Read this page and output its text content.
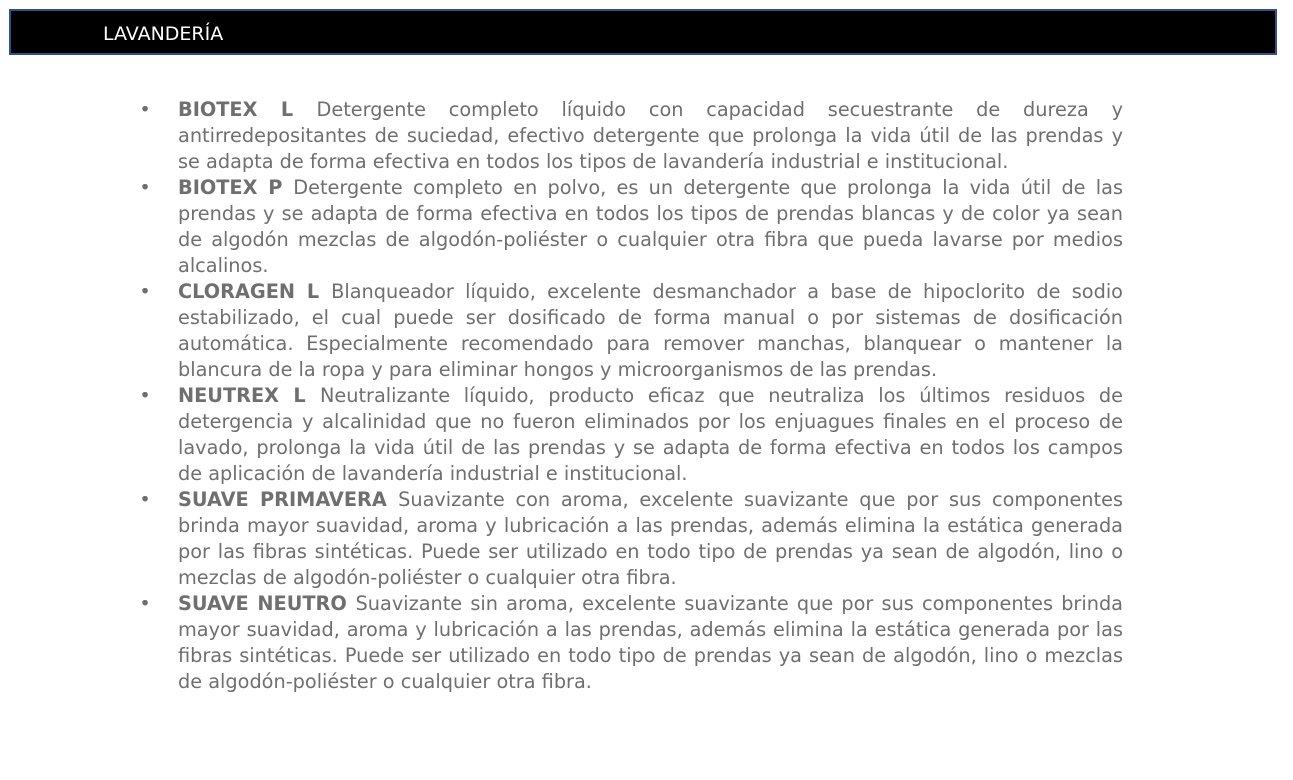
LAVANDERÍA
• BIOTEX L Detergente completo líquido con capacidad secuestrante de dureza y antirredepositantes de suciedad, efectivo detergente que prolonga la vida útil de las prendas y se adapta de forma efectiva en todos los tipos de lavandería industrial e institucional.
• BIOTEX P Detergente completo en polvo, es un detergente que prolonga la vida útil de las prendas y se adapta de forma efectiva en todos los tipos de prendas blancas y de color ya sean de algodón mezclas de algodón-poliéster o cualquier otra fibra que pueda lavarse por medios alcalinos.
• CLORAGEN L Blanqueador líquido, excelente desmanchador a base de hipoclorito de sodio estabilizado, el cual puede ser dosificado de forma manual o por sistemas de dosificación automática. Especialmente recomendado para remover manchas, blanquear o mantener la blancura de la ropa y para eliminar hongos y microorganismos de las prendas.
• NEUTREX L Neutralizante líquido, producto eficaz que neutraliza los últimos residuos de detergencia y alcalinidad que no fueron eliminados por los enjuagues finales en el proceso de lavado, prolonga la vida útil de las prendas y se adapta de forma efectiva en todos los campos de aplicación de lavandería industrial e institucional.
• SUAVE PRIMAVERA Suavizante con aroma, excelente suavizante que por sus componentes brinda mayor suavidad, aroma y lubricación a las prendas, además elimina la estática generada por las fibras sintéticas. Puede ser utilizado en todo tipo de prendas ya sean de algodón, lino o mezclas de algodón-poliéster o cualquier otra fibra.
• SUAVE NEUTRO Suavizante sin aroma, excelente suavizante que por sus componentes brinda mayor suavidad, aroma y lubricación a las prendas, además elimina la estática generada por las fibras sintéticas. Puede ser utilizado en todo tipo de prendas ya sean de algodón, lino o mezclas de algodón-poliéster o cualquier otra fibra.
